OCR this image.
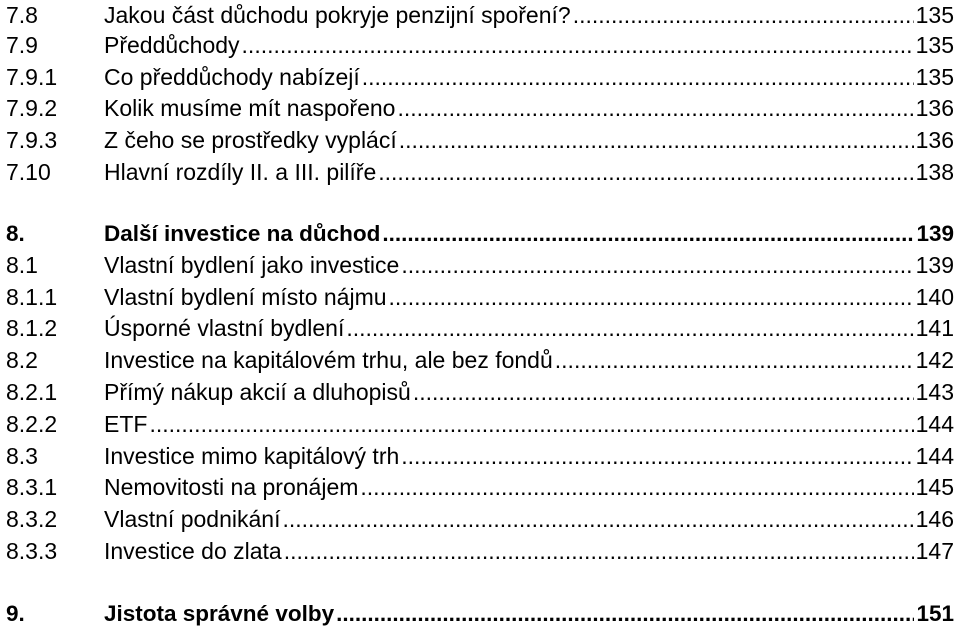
7.8	Jakou část důchodu pokryje penzijní spoření? .....	135
7.9	Předdůchody .....	135
7.9.1	Co předdůchody nabízejí .....	135
7.9.2	Kolik musíme mít naspořeno .....	136
7.9.3	Z čeho se prostředky vyplácí .....	136
7.10	Hlavní rozdíly II. a III. pilíře .....	138
8.	Další investice na důchod .....	139
8.1	Vlastní bydlení jako investice .....	139
8.1.1	Vlastní bydlení místo nájmu .....	140
8.1.2	Úsporné vlastní bydlení .....	141
8.2	Investice na kapitálovém trhu, ale bez fondů .....	142
8.2.1	Přímý nákup akcií a dluhopisů .....	143
8.2.2	ETF .....	144
8.3	Investice mimo kapitálový trh .....	144
8.3.1	Nemovitosti na pronájem .....	145
8.3.2	Vlastní podnikání .....	146
8.3.3	Investice do zlata .....	147
9.	Jistota správné volby .....	151
